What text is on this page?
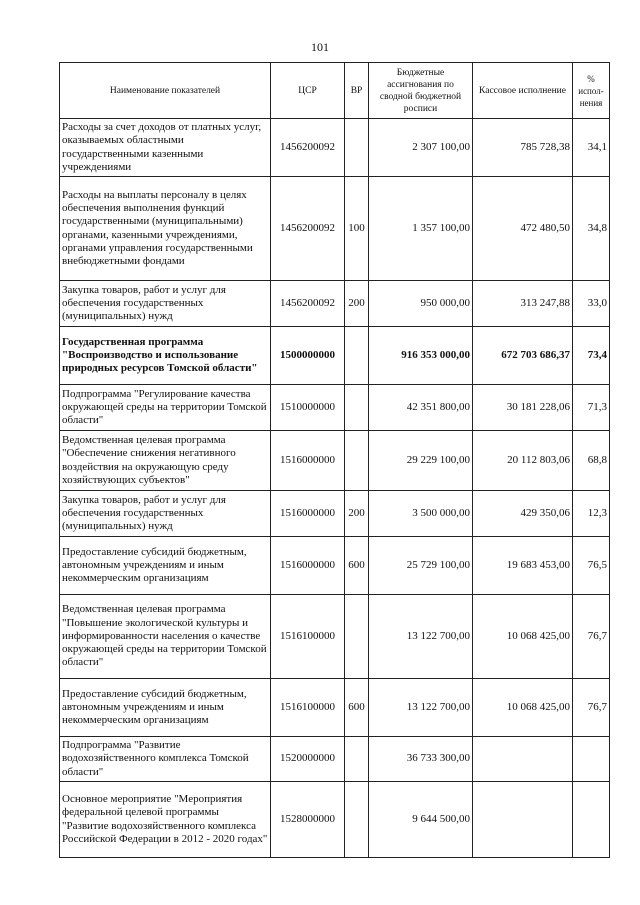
101
Наименование показателей	ЦСР	ВР	Бюджетные ассигнования по сводной бюджетной росписи	Кассовое исполнение	% испол-нения
Расходы за счет доходов от платных услуг, оказываемых областными государственными казенными учреждениями	1456200092		2 307 100,00	785 728,38	34,1
Расходы на выплаты персоналу в целях обеспечения выполнения функций государственными (муниципальными) органами, казенными учреждениями, органами управления государственными внебюджетными фондами	1456200092	100	1 357 100,00	472 480,50	34,8
Закупка товаров, работ и услуг для обеспечения государственных (муниципальных) нужд	1456200092	200	950 000,00	313 247,88	33,0
Государственная программа "Воспроизводство и использование природных ресурсов Томской области"	1500000000		916 353 000,00	672 703 686,37	73,4
Подпрограмма "Регулирование качества окружающей среды на территории Томской области"	1510000000		42 351 800,00	30 181 228,06	71,3
Ведомственная целевая программа "Обеспечение снижения негативного воздействия на окружающую среду хозяйствующих субъектов"	1516000000		29 229 100,00	20 112 803,06	68,8
Закупка товаров, работ и услуг для обеспечения государственных (муниципальных) нужд	1516000000	200	3 500 000,00	429 350,06	12,3
Предоставление субсидий бюджетным, автономным учреждениям и иным некоммерческим организациям	1516000000	600	25 729 100,00	19 683 453,00	76,5
Ведомственная целевая программа "Повышение экологической культуры и информированности населения о качестве окружающей среды на территории Томской области"	1516100000		13 122 700,00	10 068 425,00	76,7
Предоставление субсидий бюджетным, автономным учреждениям и иным некоммерческим организациям	1516100000	600	13 122 700,00	10 068 425,00	76,7
Подпрограмма "Развитие водохозяйственного комплекса Томской области"	1520000000		36 733 300,00		
Основное мероприятие "Мероприятия федеральной целевой программы "Развитие водохозяйственного комплекса Российской Федерации в 2012 - 2020 годах"	1528000000		9 644 500,00		
